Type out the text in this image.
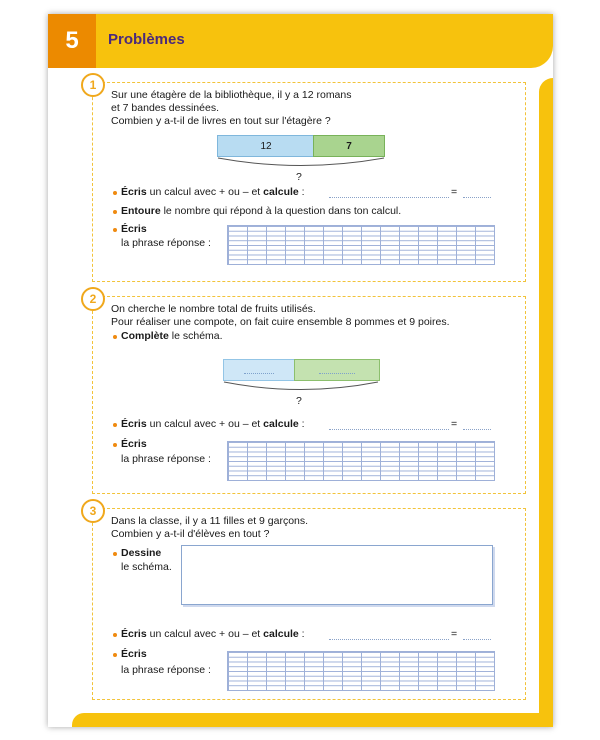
5	Problèmes
1
Sur une étagère de la bibliothèque, il y a 12 romans
et 7 bandes dessinées.
Combien y a-t-il de livres en tout sur l'étagère ?
12	7
?
Écris un calcul avec + ou – et calcule :	=
Entoure le nombre qui répond à la question dans ton calcul.
Écris
la phrase réponse :
2
On cherche le nombre total de fruits utilisés.
Pour réaliser une compote, on fait cuire ensemble 8 pommes et 9 poires.
Complète le schéma.
?
Écris un calcul avec + ou – et calcule :	=
Écris
la phrase réponse :
3
Dans la classe, il y a 11 filles et 9 garçons.
Combien y a-t-il d'élèves en tout ?
Dessine
le schéma.
Écris un calcul avec + ou – et calcule :	=
Écris
la phrase réponse :
